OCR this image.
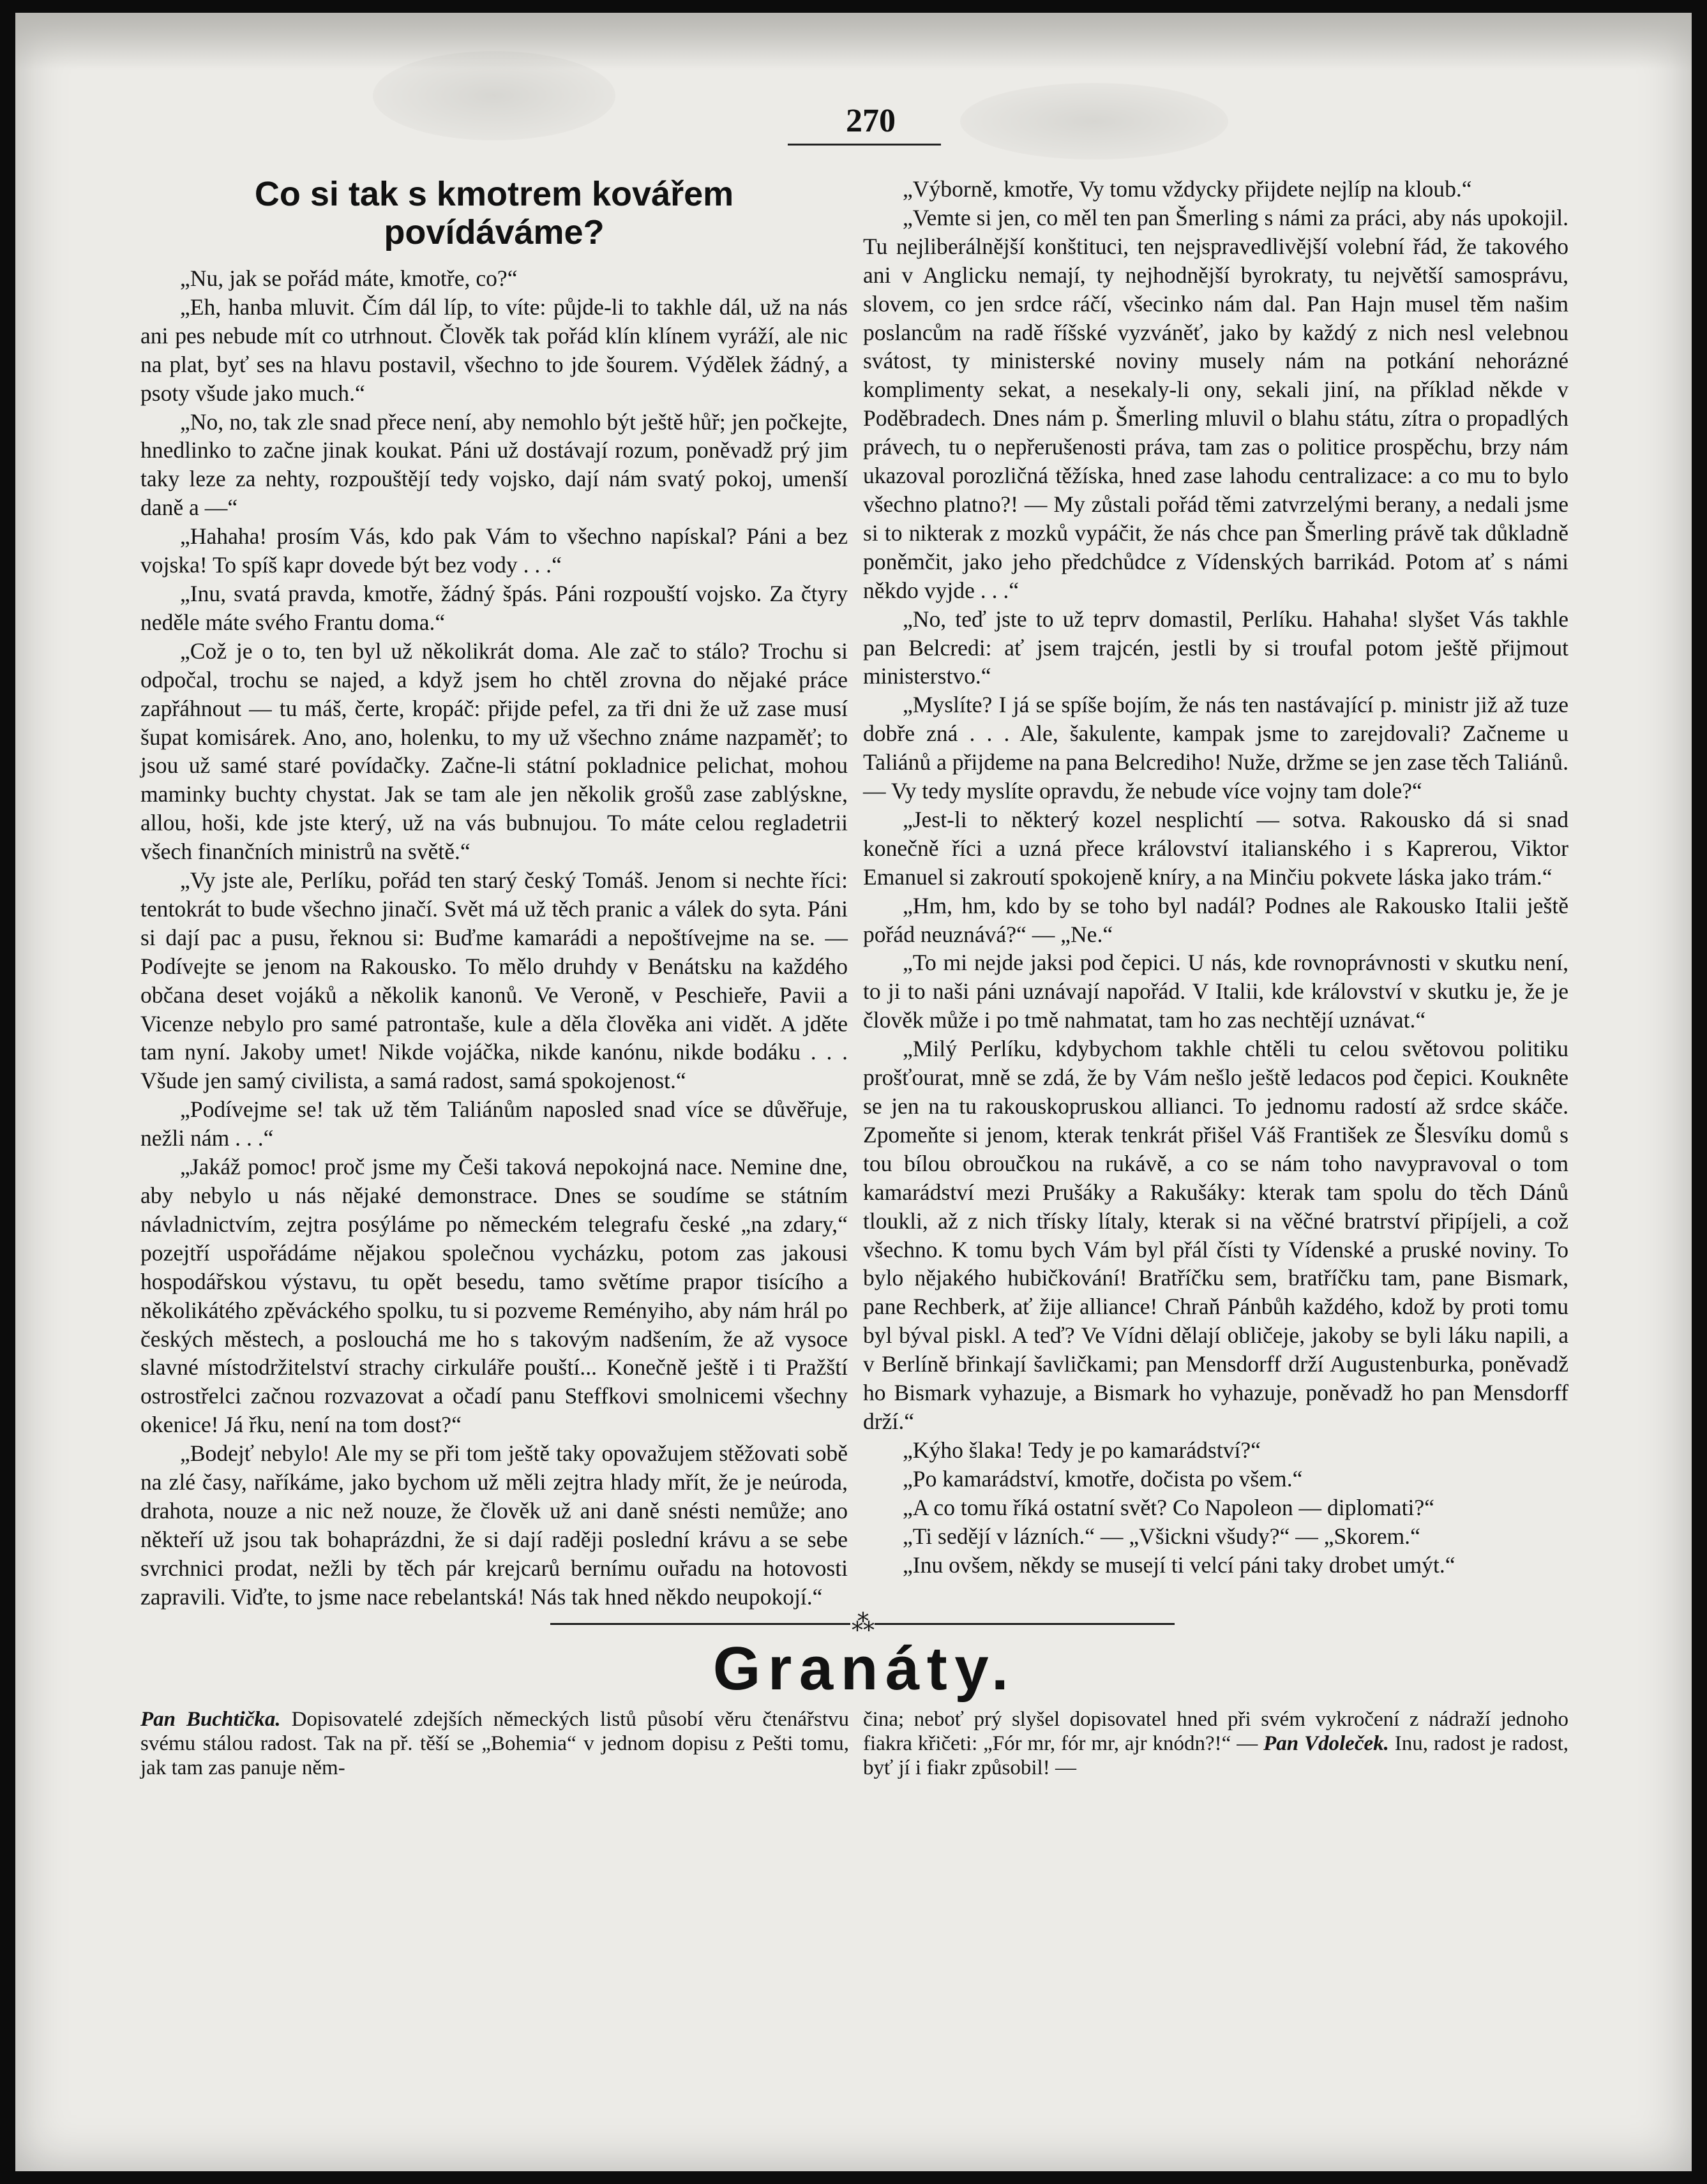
270
Co si tak s kmotrem kovářem povídáváme?

„Nu, jak se pořád máte, kmotře, co?“

„Eh, hanba mluvit. Čím dál líp, to víte: půjde-li to takhle dál, už na nás ani pes nebude mít co utrhnout. Člověk tak pořád klín klínem vyráží, ale nic na plat, byť ses na hlavu postavil, všechno to jde šourem. Výdělek žádný, a psoty všude jako much.“

„No, no, tak zle snad přece není, aby nemohlo být ještě hůř; jen počkejte, hnedlinko to začne jinak koukat. Páni už dostávají rozum, poněvadž prý jim taky leze za nehty, rozpouštějí tedy vojsko, dají nám svatý pokoj, umenší daně a —“

„Hahaha! prosím Vás, kdo pak Vám to všechno napískal? Páni a bez vojska! To spíš kapr dovede být bez vody . . .“

„Inu, svatá pravda, kmotře, žádný špás. Páni rozpouští vojsko. Za čtyry neděle máte svého Frantu doma.“

„Což je o to, ten byl už několikrát doma. Ale zač to stálo? Trochu si odpočal, trochu se najed, a když jsem ho chtěl zrovna do nějaké práce zapřáhnout — tu máš, čerte, kropáč: přijde pefel, za tři dni že už zase musí šupat komisárek. Ano, ano, holenku, to my už všechno známe nazpaměť; to jsou už samé staré povídačky. Začne-li státní pokladnice pelichat, mohou maminky buchty chystat. Jak se tam ale jen několik grošů zase zablýskne, allou, hoši, kde jste který, už na vás bubnujou. To máte celou regladetrii všech finančních ministrů na světě.“

„Vy jste ale, Perlíku, pořád ten starý český Tomáš. Jenom si nechte říci: tentokrát to bude všechno jinačí. Svět má už těch pranic a válek do syta. Páni si dají pac a pusu, řeknou si: Buďme kamarádi a nepoštívejme na se. — Podívejte se jenom na Rakousko. To mělo druhdy v Benátsku na každého občana deset vojáků a několik kanonů. Ve Veroně, v Peschieře, Pavii a Vicenze nebylo pro samé patrontaše, kule a děla člověka ani vidět. A jděte tam nyní. Jakoby umet! Nikde vojáčka, nikde kanónu, nikde bodáku . . . Všude jen samý civilista, a samá radost, samá spokojenost.“

„Podívejme se! tak už těm Taliánům naposled snad více se důvěřuje, nežli nám . . .“

„Jakáž pomoc! proč jsme my Češi taková nepokojná nace. Nemine dne, aby nebylo u nás nějaké demonstrace. Dnes se soudíme se státním návladnictvím, zejtra posýláme po německém telegrafu české „na zdary,“ pozejtří uspořádáme nějakou společnou vycházku, potom zas jakousi hospodářskou výstavu, tu opět besedu, tamo světíme prapor tisícího a několikátého zpěváckého spolku, tu si pozveme Reményiho, aby nám hrál po českých městech, a poslouchá me ho s takovým nadšením, že až vysoce slavné místodržitelství strachy cirkuláře pouští... Konečně ještě i ti Pražští ostrostřelci začnou rozvazovat a očadí panu Steffkovi smolnicemi všechny okenice! Já řku, není na tom dost?“

„Bodejť nebylo! Ale my se při tom ještě taky opovažujem stěžovati sobě na zlé časy, naříkáme, jako bychom už měli zejtra hlady mřít, že je neúroda, drahota, nouze a nic než nouze, že člověk už ani daně snésti nemůže; ano někteří už jsou tak bohaprázdni, že si dají raději poslední krávu a se sebe svrchnici prodat, nežli by těch pár krejcarů bernímu ouřadu na hotovosti zapravili. Viďte, to jsme nace rebelantská! Nás tak hned někdo neupokojí.“

„Výborně, kmotře, Vy tomu vždycky přijdete nejlíp na kloub.“

„Vemte si jen, co měl ten pan Šmerling s námi za práci, aby nás upokojil. Tu nejliberálnější konštituci, ten nejspravedlivější volební řád, že takového ani v Anglicku nemají, ty nejhodnější byrokraty, tu největší samosprávu, slovem, co jen srdce ráčí, všecinko nám dal. Pan Hajn musel těm našim poslancům na radě říšské vyzváněť, jako by každý z nich nesl velebnou svátost, ty ministerské noviny musely nám na potkání nehorázné komplimenty sekat, a nesekaly-li ony, sekali jiní, na příklad někde v Poděbradech. Dnes nám p. Šmerling mluvil o blahu státu, zítra o propadlých právech, tu o nepřerušenosti práva, tam zas o politice prospěchu, brzy nám ukazoval porozličná těžíska, hned zase lahodu centralizace: a co mu to bylo všechno platno?! — My zůstali pořád těmi zatvrzelými berany, a nedali jsme si to nikterak z mozků vypáčit, že nás chce pan Šmerling právě tak důkladně poněmčit, jako jeho předchůdce z Vídenských barrikád. Potom ať s námi někdo vyjde . . .“

„No, teď jste to už teprv domastil, Perlíku. Hahaha! slyšet Vás takhle pan Belcredi: ať jsem trajcén, jestli by si troufal potom ještě přijmout ministerstvo.“

„Myslíte? I já se spíše bojím, že nás ten nastávající p. ministr již až tuze dobře zná . . . Ale, šakulente, kampak jsme to zarejdovali? Začneme u Taliánů a přijdeme na pana Belcrediho! Nuže, držme se jen zase těch Taliánů. — Vy tedy myslíte opravdu, že nebude více vojny tam dole?“

„Jest-li to některý kozel nesplichtí — sotva. Rakousko dá si snad konečně říci a uzná přece království italianského i s Kaprerou, Viktor Emanuel si zakroutí spokojeně kníry, a na Minčiu pokvete láska jako trám.“

„Hm, hm, kdo by se toho byl nadál? Podnes ale Rakousko Italii ještě pořád neuznává?“ — „Ne.“

„To mi nejde jaksi pod čepici. U nás, kde rovnoprávnosti v skutku není, to ji to naši páni uznávají napořád. V Italii, kde království v skutku je, že je člověk může i po tmě nahmatat, tam ho zas nechtějí uznávat.“

„Milý Perlíku, kdybychom takhle chtěli tu celou světovou politiku prošťourat, mně se zdá, že by Vám nešlo ještě ledacos pod čepici. Kouknête se jen na tu rakouskopruskou allianci. To jednomu radostí až srdce skáče. Zpomeňte si jenom, kterak tenkrát přišel Váš František ze Šlesvíku domů s tou bílou obroučkou na rukávě, a co se nám toho navypravoval o tom kamarádství mezi Prušáky a Rakušáky: kterak tam spolu do těch Dánů tloukli, až z nich třísky lítaly, kterak si na věčné bratrství připíjeli, a což všechno. K tomu bych Vám byl přál čísti ty Vídenské a pruské noviny. To bylo nějakého hubičkování! Bratříčku sem, bratříčku tam, pane Bismark, pane Rechberk, ať žije alliance! Chraň Pánbůh každého, kdož by proti tomu byl býval piskl. A teď? Ve Vídni dělají obličeje, jakoby se byli láku napili, a v Berlíně břinkají šavličkami; pan Mensdorff drží Augustenburka, poněvadž ho Bismark vyhazuje, a Bismark ho vyhazuje, poněvadž ho pan Mensdorff drží.“

„Kýho šlaka! Tedy je po kamarádství?“

„Po kamarádství, kmotře, dočista po všem.“

„A co tomu říká ostatní svět? Co Napoleon — diplomati?“

„Ti sedějí v lázních.“ — „Všickni všudy?“ — „Skorem.“

„Inu ovšem, někdy se musejí ti velcí páni taky drobet umýt.“

⁂
Granáty.

Pan Buchtička. Dopisovatelé zdejších německých listů působí věru čtenářstvu svému stálou radost. Tak na př. těší se „Bohemia“ v jednom dopisu z Pešti tomu, jak tam zas panuje něm-

čina; neboť prý slyšel dopisovatel hned při svém vykročení z nádraží jednoho fiakra křičeti: „Fór mr, fór mr, ajr knódn?!“ — Pan Vdoleček. Inu, radost je radost, byť jí i fiakr způsobil! —
